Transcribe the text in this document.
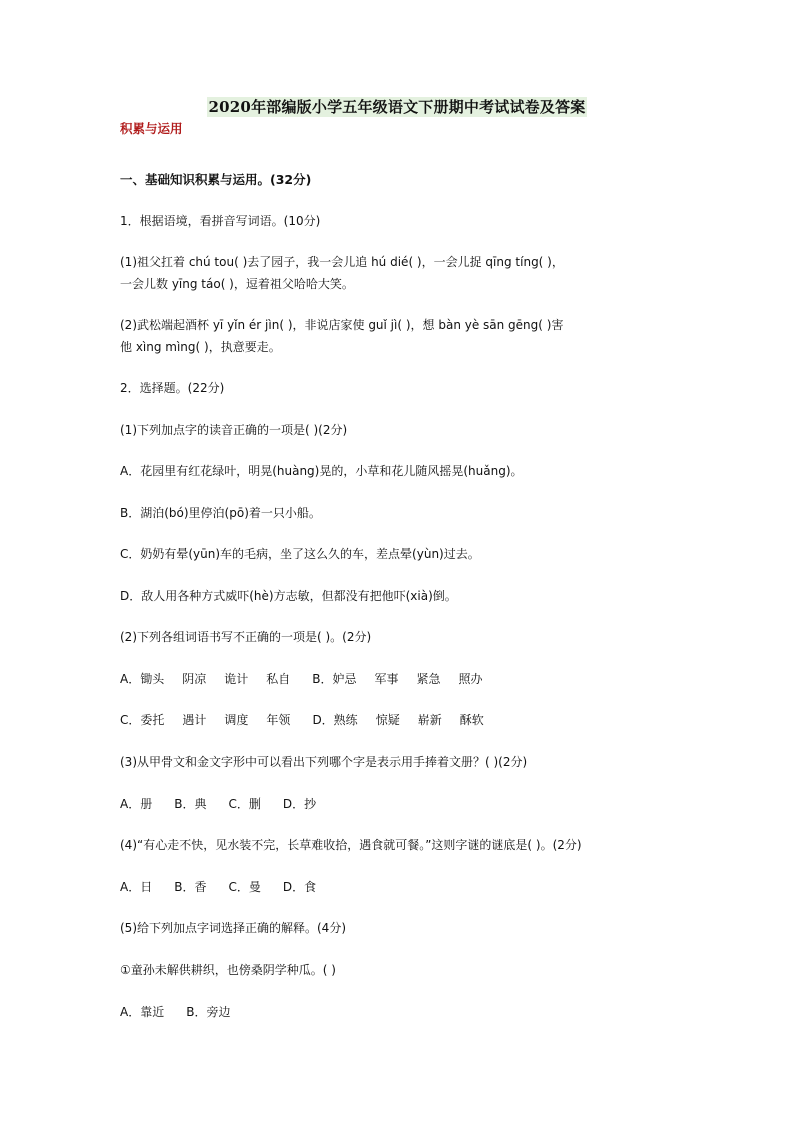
2020年部编版小学五年级语文下册期中考试试卷及答案
积累与运用
一、基础知识积累与运用。(32分)
1．根据语境，看拼音写词语。(10分)
(1)祖父扛着 chú tou( )去了园子，我一会儿追 hú dié( )，一会儿捉 qīng tíng( )，
一会儿数 yīng táo( )，逗着祖父哈哈大笑。
(2)武松端起酒杯 yī yǐn ér jìn( )，非说店家使 guǐ jì( )，想 bàn yè sān gēng( )害
他 xìng mìng( )，执意要走。
2．选择题。(22分)
(1)下列加点字的读音正确的一项是( )(2分)
A．花园里有红花绿叶，明晃(huàng)晃的，小草和花儿随风摇晃(huǎng)。
B．湖泊(bó)里停泊(pō)着一只小船。
C．奶奶有晕(yūn)车的毛病，坐了这么久的车，差点晕(yùn)过去。
D．敌人用各种方式威吓(hè)方志敏，但都没有把他吓(xià)倒。
(2)下列各组词语书写不正确的一项是( )。(2分)
A．锄头 阴凉 诡计 私自 B．妒忌 军事 紧急 照办
C．委托 遇计 调度 年领 D．熟练 惊疑 崭新 酥软
(3)从甲骨文和金文字形中可以看出下列哪个字是表示用手捧着文册？( )(2分)
A．册 B．典 C．删 D．抄
(4)“有心走不快，见水装不完，长草难收拾，遇食就可餐。”这则字谜的谜底是( )。(2分)
A．日 B．香 C．曼 D．食
(5)给下列加点字词选择正确的解释。(4分)
①童孙未解供耕织，也傍桑阴学种瓜。( )
A．靠近 B．旁边
